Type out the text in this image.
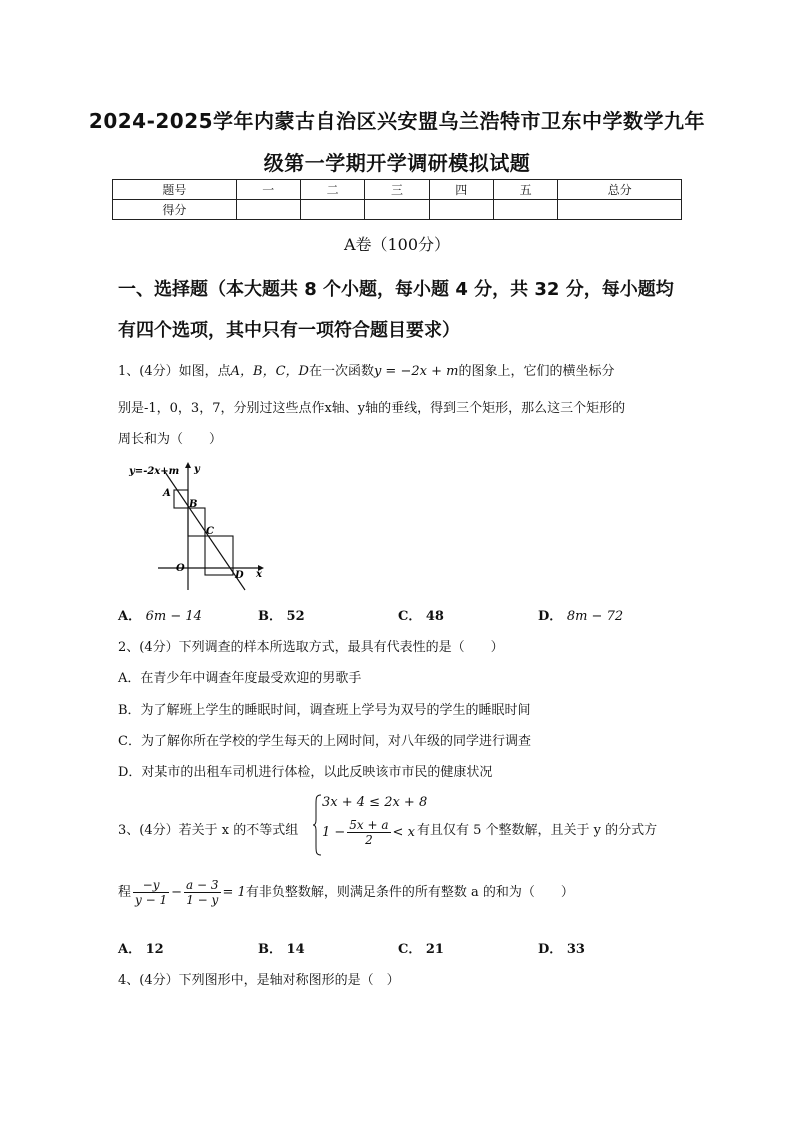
2024-2025学年内蒙古自治区兴安盟乌兰浩特市卫东中学数学九年
级第一学期开学调研模拟试题
题号	一	二	三	四	五	总分
得分						
A卷（100分）
一、选择题（本大题共 8 个小题，每小题 4 分，共 32 分，每小题均
有四个选项，其中只有一项符合题目要求）
1、(4分）如图，点A，B，C，D在一次函数y = −2x + m的图象上，它们的横坐标分
别是-1，0，3，7，分别过这些点作x轴、y轴的垂线，得到三个矩形，那么这三个矩形的
周长和为（　　）
y=-2x+m y
x
O
A
B
C
D
A． 6m − 14	B． 52	C． 48	D． 8m − 72
2、(4分）下列调查的样本所选取方式，最具有代表性的是（　　）
A．在青少年中调查年度最受欢迎的男歌手
B．为了解班上学生的睡眠时间，调查班上学号为双号的学生的睡眠时间
C．为了解你所在学校的学生每天的上网时间，对八年级的同学进行调查
D．对某市的出租车司机进行体检，以此反映该市市民的健康状况
3、(4分）若关于 x 的不等式组
3x + 4 ≤ 2x + 8
$1 - \frac{5x + a}{2} < x$ 有且仅有 5 个整数解，且关于 y 的分式方
程 $\frac{-y}{y - 1} - \frac{a - 3}{1 - y} = 1$有非负整数解，则满足条件的所有整数 a 的和为（　　）
A． 12	B． 14	C． 21	D． 33
4、(4分）下列图形中，是轴对称图形的是（　）
